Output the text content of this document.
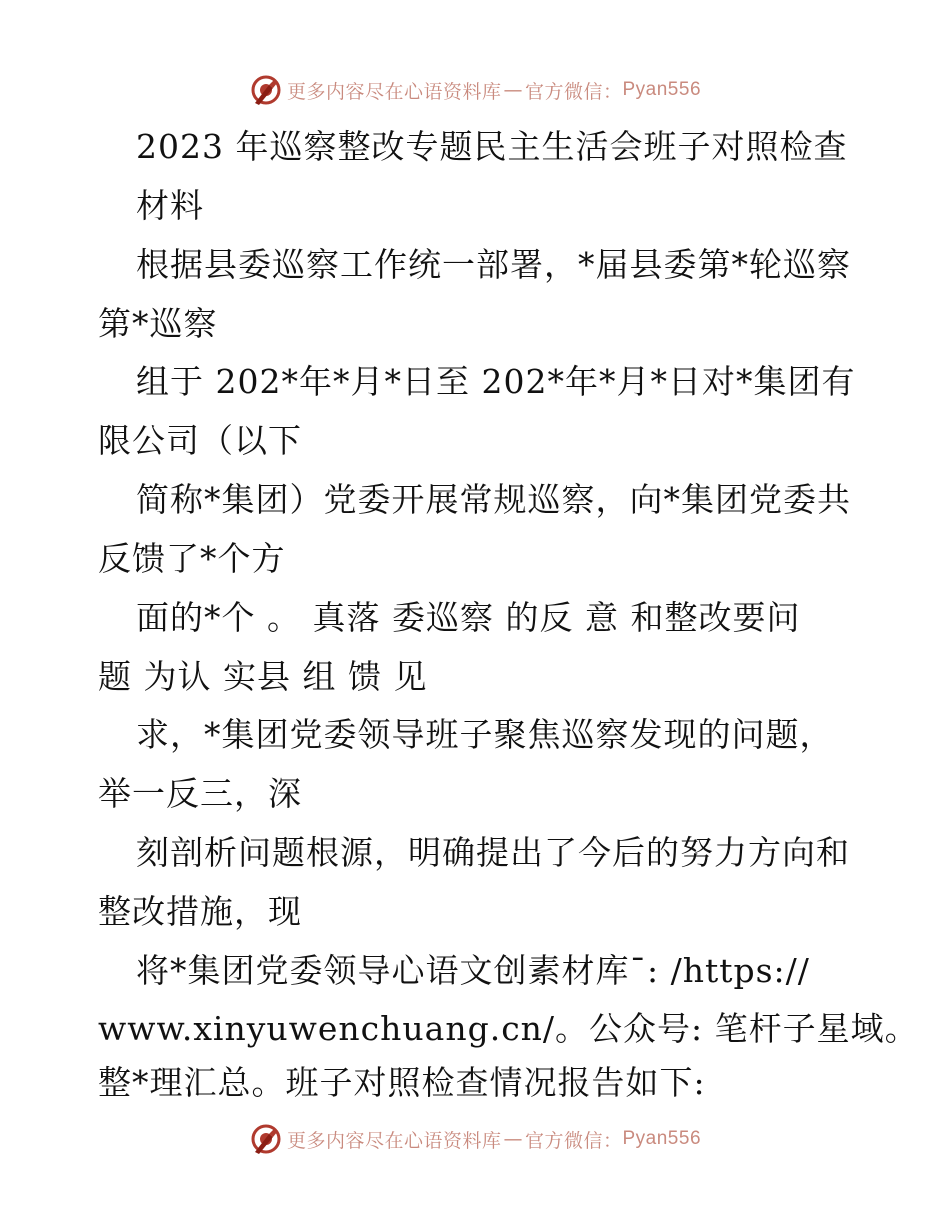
更多内容尽在心语资料库 — 官方微信： Pyan556
2023 年巡察整改专题民主生活会班子对照检查
材料
根据县委巡察工作统一部署，*届县委第*轮巡察
第*巡察
组于 202*年*月*日至 202*年*月*日对*集团有
限公司（以下
简称*集团）党委开展常规巡察，向*集团党委共
反馈了*个方
面的*个 。 真落 委巡察 的反 意 和整改要问
题 为认 实县 组 馈 见
求，*集团党委领导班子聚焦巡察发现的问题，
举一反三，深
刻剖析问题根源，明确提出了今后的努力方向和
整改措施，现
将*集团党委领导心语文创素材库¯: /https://
www.xinyuwenchuang.cn/。公众号: 笔杆子星域。
整*理汇总。班子对照检查情况报告如下:
更多内容尽在心语资料库 — 官方微信： Pyan556
